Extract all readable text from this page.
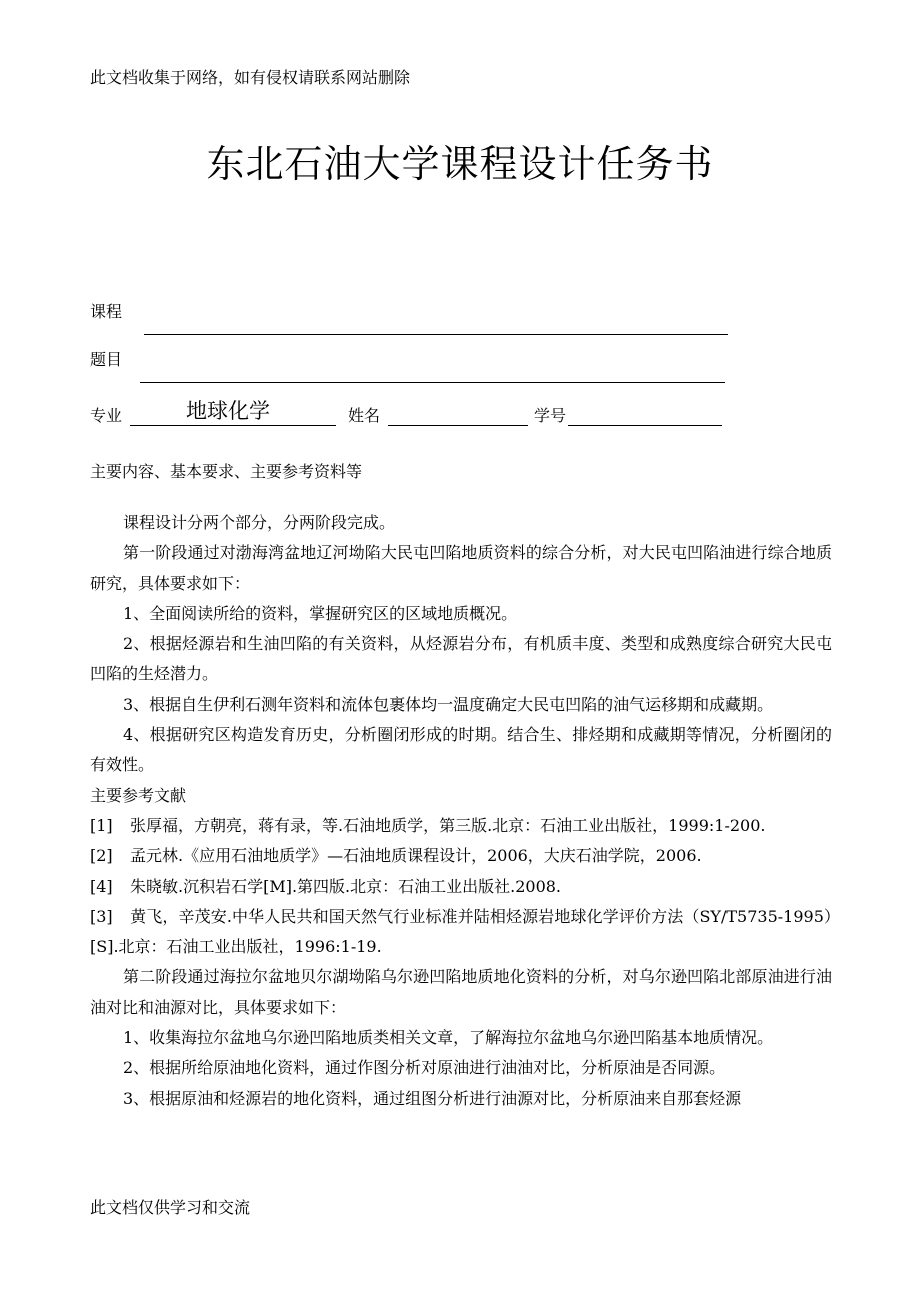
此文档收集于网络，如有侵权请联系网站删除
东北石油大学课程设计任务书
课程
题目
专业	地球化学	姓名	学号
主要内容、基本要求、主要参考资料等

课程设计分两个部分，分两阶段完成。

第一阶段通过对渤海湾盆地辽河坳陷大民屯凹陷地质资料的综合分析，对大民屯凹陷油进行综合地质研究，具体要求如下：

1、全面阅读所给的资料，掌握研究区的区域地质概况。

2、根据烃源岩和生油凹陷的有关资料，从烃源岩分布，有机质丰度、类型和成熟度综合研究大民屯凹陷的生烃潜力。

3、根据自生伊利石测年资料和流体包裹体均一温度确定大民屯凹陷的油气运移期和成藏期。

4、根据研究区构造发育历史，分析圈闭形成的时期。结合生、排烃期和成藏期等情况，分析圈闭的有效性。

主要参考文献

[1] 张厚福，方朝亮，蒋有录，等.石油地质学，第三版.北京：石油工业出版社，1999:1-200.

[2] 孟元林.《应用石油地质学》—石油地质课程设计，2006，大庆石油学院，2006.

[4] 朱晓敏.沉积岩石学[M].第四版.北京：石油工业出版社.2008.

[3] 黄飞，辛茂安.中华人民共和国天然气行业标准并陆相烃源岩地球化学评价方法（SY/T5735-1995）[S].北京：石油工业出版社，1996:1-19.

第二阶段通过海拉尔盆地贝尔湖坳陷乌尔逊凹陷地质地化资料的分析，对乌尔逊凹陷北部原油进行油油对比和油源对比，具体要求如下：

1、收集海拉尔盆地乌尔逊凹陷地质类相关文章，了解海拉尔盆地乌尔逊凹陷基本地质情况。

2、根据所给原油地化资料，通过作图分析对原油进行油油对比，分析原油是否同源。

3、根据原油和烃源岩的地化资料，通过组图分析进行油源对比，分析原油来自那套烃源

此文档仅供学习和交流
